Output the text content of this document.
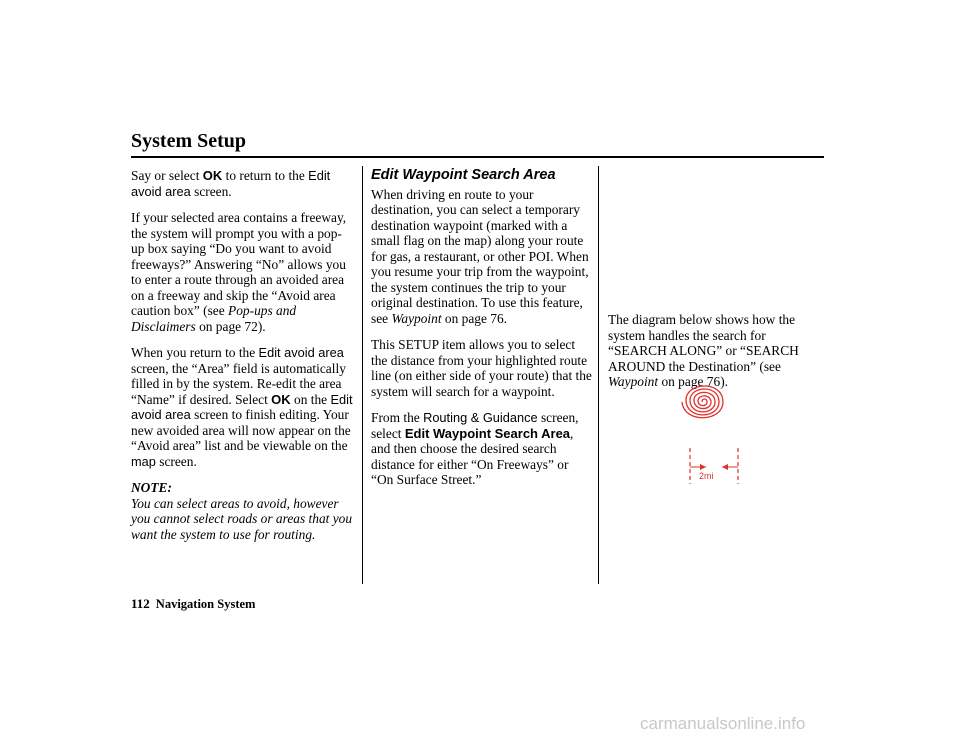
System Setup

Say or select OK to return to the Edit avoid area screen.

If your selected area contains a freeway, the system will prompt you with a pop-up box saying “Do you want to avoid freeways?” Answering “No” allows you to enter a route through an avoided area on a freeway and skip the “Avoid area caution box” (see Pop-ups and Disclaimers on page 72).

When you return to the Edit avoid area screen, the “Area” field is automatically filled in by the system. Re-edit the area “Name” if desired. Select OK on the Edit avoid area screen to finish editing. Your new avoided area will now appear on the “Avoid area” list and be viewable on the map screen.

NOTE:
You can select areas to avoid, however you cannot select roads or areas that you want the system to use for routing.
Edit Waypoint Search Area

When driving en route to your destination, you can select a temporary destination waypoint (marked with a small flag on the map) along your route for gas, a restaurant, or other POI. When you resume your trip from the waypoint, the system continues the trip to your original destination. To use this feature, see Waypoint on page 76.

This SETUP item allows you to select the distance from your highlighted route line (on either side of your route) that the system will search for a waypoint.

From the Routing & Guidance screen, select Edit Waypoint Search Area, and then choose the desired search distance for either “On Freeways” or “On Surface Street.”

The diagram below shows how the system handles the search for “SEARCH ALONG” or “SEARCH AROUND the Destination” (see Waypoint on page 76).

2mi
112 Navigation System
carmanualsonline.info
